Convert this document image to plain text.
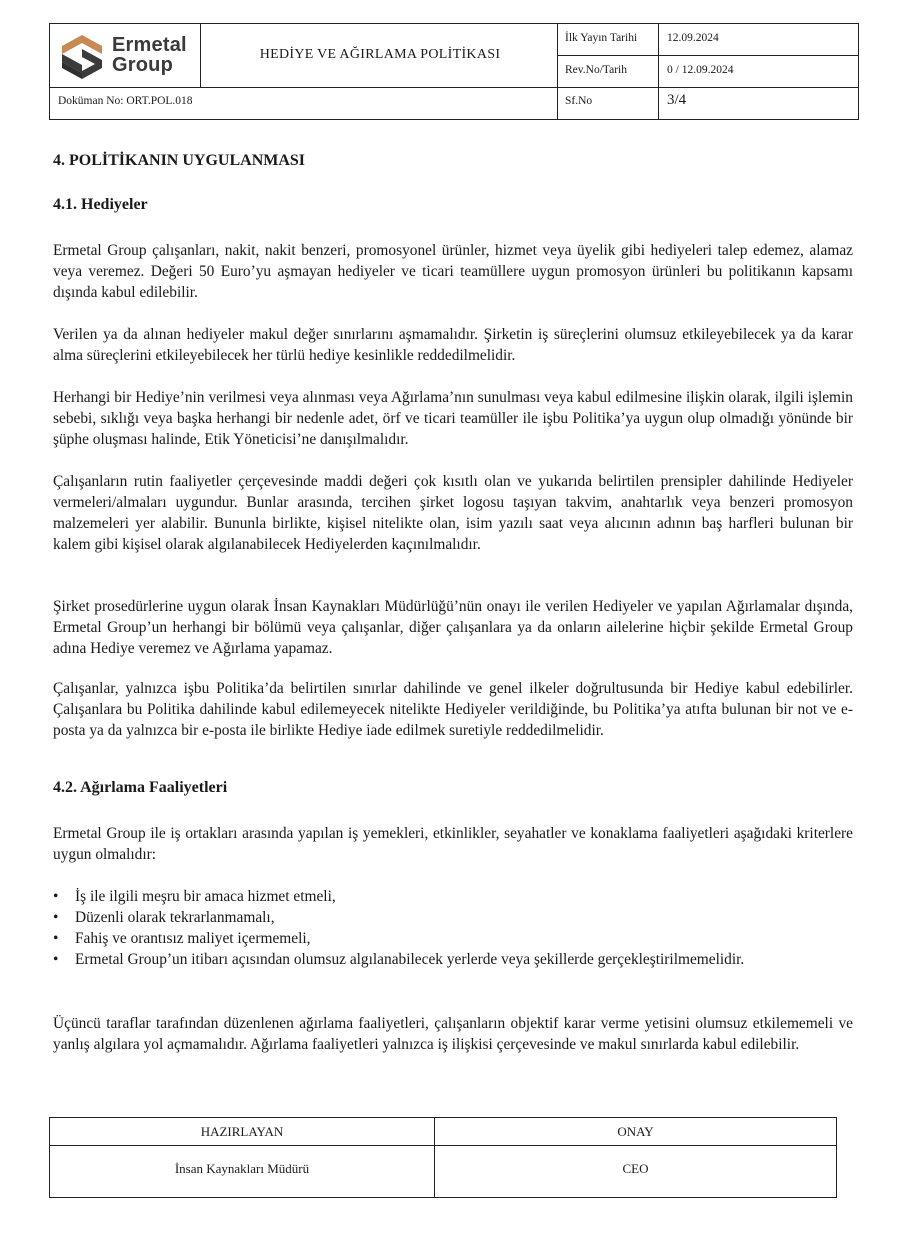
Ermetal
Group	HEDİYE VE AĞIRLAMA POLİTİKASI
İlk Yayın Tarihi	12.09.2024
Rev.No/Tarih	0 / 12.09.2024
Doküman No: ORT.POL.018	Sf.No	3/4
4. POLİTİKANIN UYGULANMASI
4.1. Hediyeler

Ermetal Group çalışanları, nakit, nakit benzeri, promosyonel ürünler, hizmet veya üyelik gibi hediyeleri talep edemez, alamaz veya veremez. Değeri 50 Euro’yu aşmayan hediyeler ve ticari teamüllere uygun promosyon ürünleri bu politikanın kapsamı dışında kabul edilebilir.

Verilen ya da alınan hediyeler makul değer sınırlarını aşmamalıdır. Şirketin iş süreçlerini olumsuz etkileyebilecek ya da karar alma süreçlerini etkileyebilecek her türlü hediye kesinlikle reddedilmelidir.

Herhangi bir Hediye’nin verilmesi veya alınması veya Ağırlama’nın sunulması veya kabul edilmesine ilişkin olarak, ilgili işlemin sebebi, sıklığı veya başka herhangi bir nedenle adet, örf ve ticari teamüller ile işbu Politika’ya uygun olup olmadığı yönünde bir şüphe oluşması halinde, Etik Yöneticisi’ne danışılmalıdır.

Çalışanların rutin faaliyetler çerçevesinde maddi değeri çok kısıtlı olan ve yukarıda belirtilen prensipler dahilinde Hediyeler vermeleri/almaları uygundur. Bunlar arasında, tercihen şirket logosu taşıyan takvim, anahtarlık veya benzeri promosyon malzemeleri yer alabilir. Bununla birlikte, kişisel nitelikte olan, isim yazılı saat veya alıcının adının baş harfleri bulunan bir kalem gibi kişisel olarak algılanabilecek Hediyelerden kaçınılmalıdır.

Şirket prosedürlerine uygun olarak İnsan Kaynakları Müdürlüğü’nün onayı ile verilen Hediyeler ve yapılan Ağırlamalar dışında, Ermetal Group’un herhangi bir bölümü veya çalışanlar, diğer çalışanlara ya da onların ailelerine hiçbir şekilde Ermetal Group adına Hediye veremez ve Ağırlama yapamaz.

Çalışanlar, yalnızca işbu Politika’da belirtilen sınırlar dahilinde ve genel ilkeler doğrultusunda bir Hediye kabul edebilirler. Çalışanlara bu Politika dahilinde kabul edilemeyecek nitelikte Hediyeler verildiğinde, bu Politika’ya atıfta bulunan bir not ve e-posta ya da yalnızca bir e-posta ile birlikte Hediye iade edilmek suretiyle reddedilmelidir.

4.2. Ağırlama Faaliyetleri

Ermetal Group ile iş ortakları arasında yapılan iş yemekleri, etkinlikler, seyahatler ve konaklama faaliyetleri aşağıdaki kriterlere uygun olmalıdır:

• İş ile ilgili meşru bir amaca hizmet etmeli,
• Düzenli olarak tekrarlanmamalı,
• Fahiş ve orantısız maliyet içermemeli,
• Ermetal Group’un itibarı açısından olumsuz algılanabilecek yerlerde veya şekillerde gerçekleştirilmemelidir.

Üçüncü taraflar tarafından düzenlenen ağırlama faaliyetleri, çalışanların objektif karar verme yetisini olumsuz etkilememeli ve yanlış algılara yol açmamalıdır. Ağırlama faaliyetleri yalnızca iş ilişkisi çerçevesinde ve makul sınırlarda kabul edilebilir.

HAZIRLAYAN	ONAY
İnsan Kaynakları Müdürü	CEO
